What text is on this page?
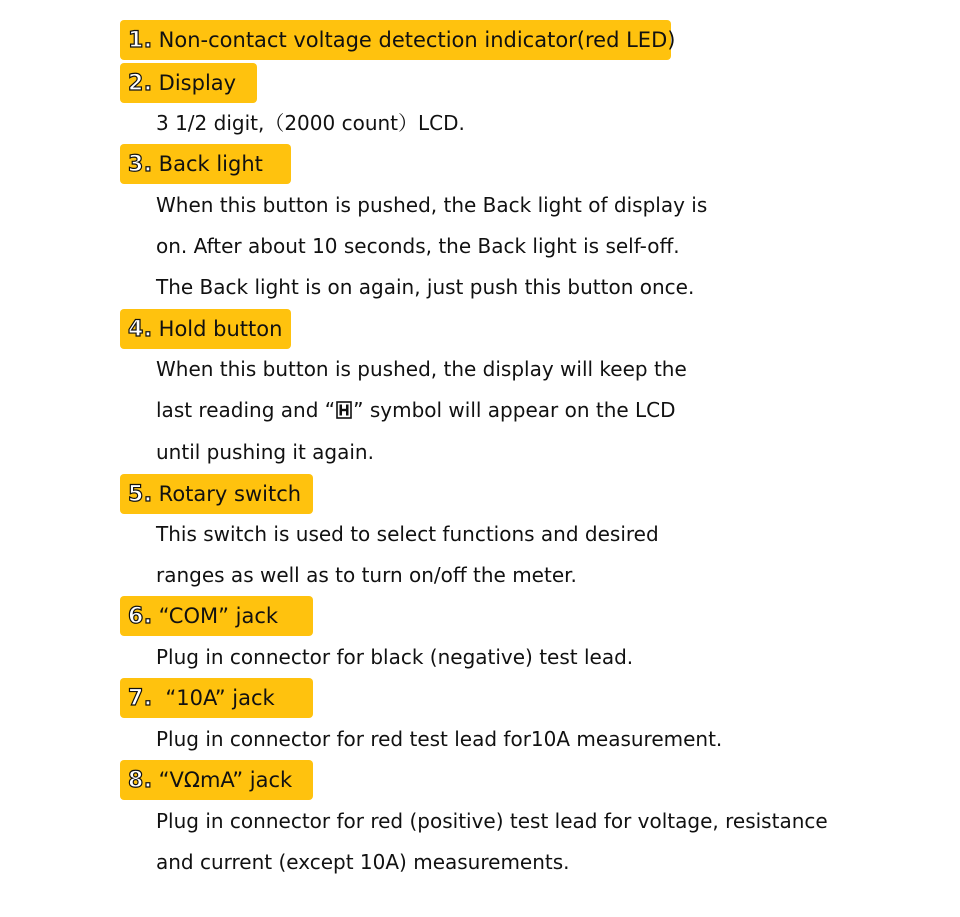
1. Non-contact voltage detection indicator(red LED)
2. Display
3 1/2 digit,（2000 count）LCD.
3. Back light
When this button is pushed, the Back light of display is
on. After about 10 seconds, the Back light is self-off.
The Back light is on again, just push this button once.
4. Hold button
When this button is pushed, the display will keep the
last reading and “ ” symbol will appear on the LCD
until pushing it again.
5. Rotary switch
This switch is used to select functions and desired
ranges as well as to turn on/off the meter.
6. “COM” jack
Plug in connector for black (negative) test lead.
7. “10A” jack
Plug in connector for red test lead for10A measurement.
8. “VΩmA” jack
Plug in connector for red (positive) test lead for voltage, resistance
and current (except 10A) measurements.
